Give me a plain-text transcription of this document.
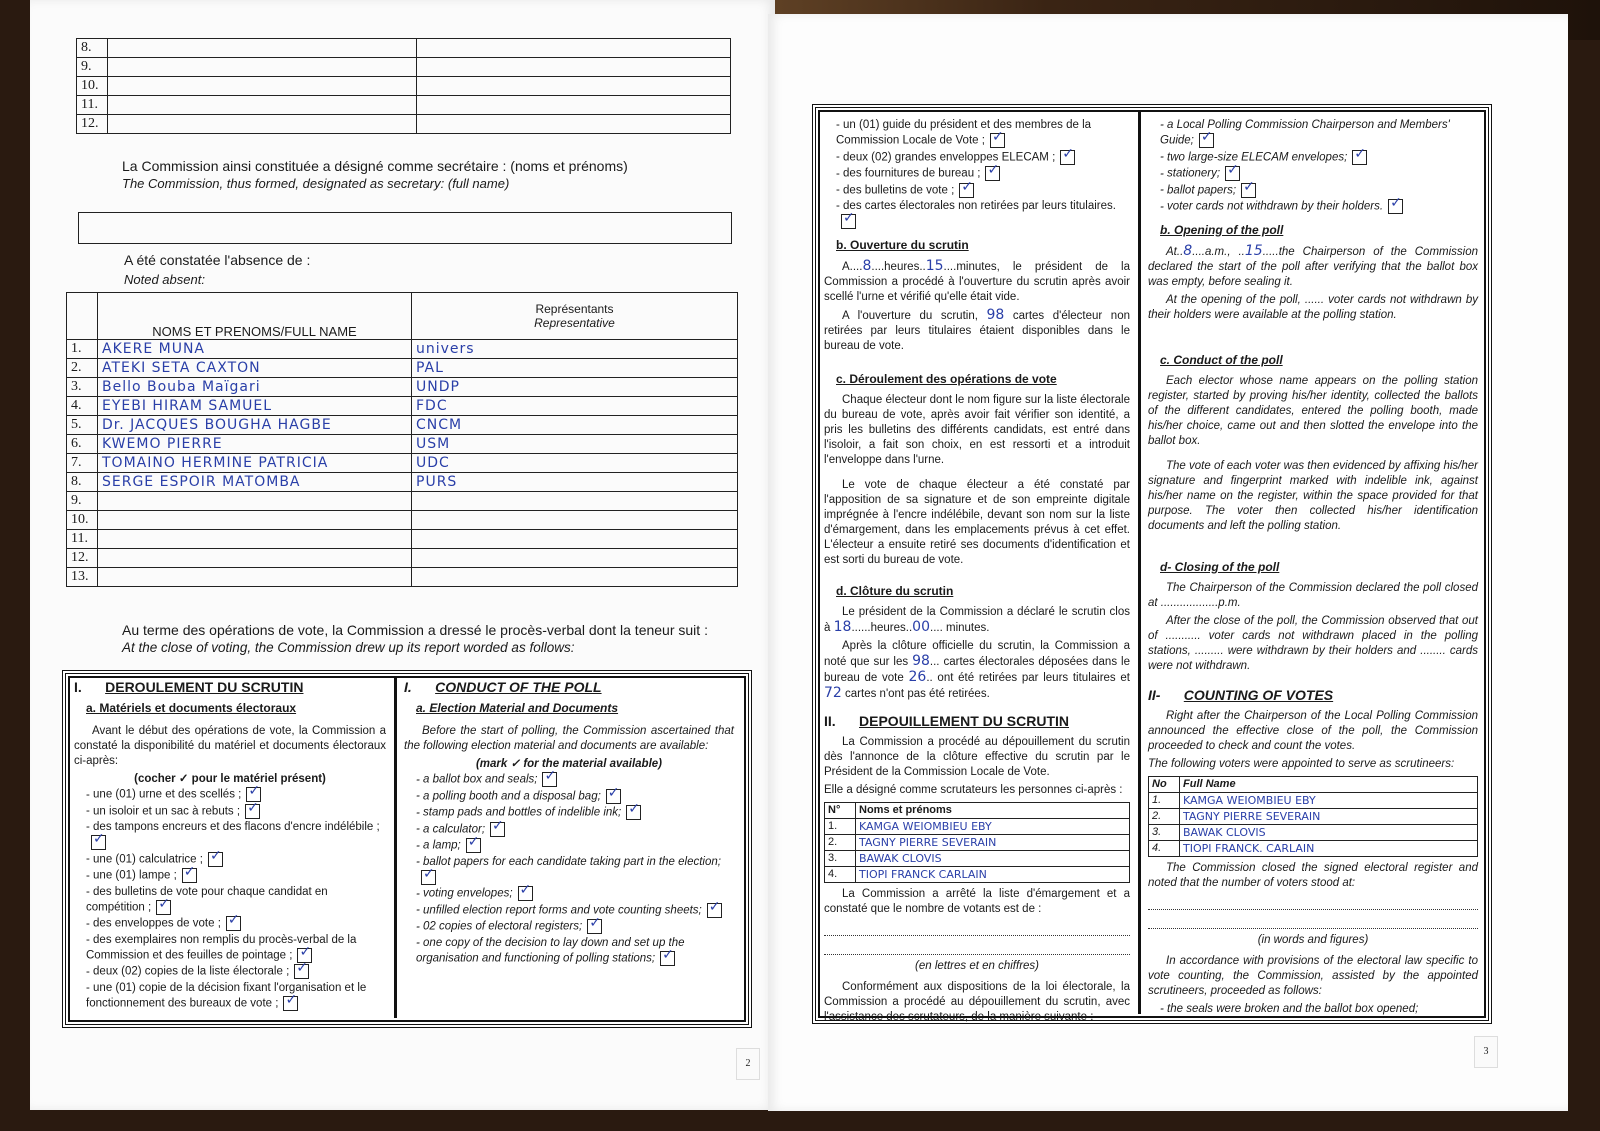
8.		
9.		
10.		
11.		
12.		
La Commission ainsi constituée a désigné comme secrétaire : (noms et prénoms)
The Commission, thus formed, designated as secretary: (full name)
A été constatée l'absence de :
Noted absent:
	NOMS ET PRENOMS/FULL NAME	Représentants
Representative

1.	AKERE MUNA	univers
2.	ATEKI SETA CAXTON	PAL
3.	Bello Bouba Maïgari	UNDP
4.	EYEBI HIRAM SAMUEL	FDC
5.	Dr. JACQUES BOUGHA HAGBE	CNCM
6.	KWEMO PIERRE	USM
7.	TOMAINO HERMINE PATRICIA	UDC
8.	SERGE ESPOIR MATOMBA	PURS
9.		
10.		
11.		
12.		
13.		
Au terme des opérations de vote, la Commission a dressé le procès-verbal dont la teneur suit :
At the close of voting, the Commission drew up its report worded as follows:
I. DEROULEMENT DU SCRUTIN
a. Matériels et documents électoraux

Avant le début des opérations de vote, la Commission a constaté la disponibilité du matériel et documents électoraux ci-après:

(cocher ✓ pour le matériel présent)
- une (01) urne et des scellés ;✓
- un isoloir et un sac à rebuts ;✓
- des tampons encreurs et des flacons d'encre indélébile ;✓
- une (01) calculatrice ;✓
- une (01) lampe ;✓
- des bulletins de vote pour chaque candidat en compétition ;✓
- des enveloppes de vote ;✓
- des exemplaires non remplis du procès-verbal de la Commission et des feuilles de pointage ;✓
- deux (02) copies de la liste électorale ;✓
- une (01) copie de la décision fixant l'organisation et le fonctionnement des bureaux de vote ;✓
I. CONDUCT OF THE POLL
a. Election Material and Documents

Before the start of polling, the Commission ascertained that the following election material and documents are available:

(mark ✓ for the material available)
- a ballot box and seals;✓
- a polling booth and a disposal bag;✓
- stamp pads and bottles of indelible ink;✓
- a calculator;✓
- a lamp;✓
- ballot papers for each candidate taking part in the election;✓
- voting envelopes;✓
- unfilled election report forms and vote counting sheets;✓
- 02 copies of electoral registers;✓
- one copy of the decision to lay down and set up the organisation and functioning of polling stations;✓
2
- un (01) guide du président et des membres de la Commission Locale de Vote ;✓
- deux (02) grandes enveloppes ELECAM ;✓
- des fournitures de bureau ;✓
- des bulletins de vote ;✓
- des cartes électorales non retirées par leurs titulaires.✓
b. Ouverture du scrutin

A....8....heures..15....minutes, le président de la Commission a procédé à l'ouverture du scrutin après avoir scellé l'urne et vérifié qu'elle était vide.

A l'ouverture du scrutin, 98 cartes d'électeur non retirées par leurs titulaires étaient disponibles dans le bureau de vote.

c. Déroulement des opérations de vote

Chaque électeur dont le nom figure sur la liste électorale du bureau de vote, après avoir fait vérifier son identité, a pris les bulletins des différents candidats, est entré dans l'isoloir, a fait son choix, en est ressorti et a introduit l'enveloppe dans l'urne.

Le vote de chaque électeur a été constaté par l'apposition de sa signature et de son empreinte digitale imprégnée à l'encre indélébile, devant son nom sur la liste d'émargement, dans les emplacements prévus à cet effet. L'électeur a ensuite retiré ses documents d'identification et est sorti du bureau de vote.

d. Clôture du scrutin

Le président de la Commission a déclaré le scrutin clos à 18......heures..00.... minutes.

Après la clôture officielle du scrutin, la Commission a noté que sur les 98... cartes électorales déposées dans le bureau de vote 26.. ont été retirées par leurs titulaires et 72 cartes n'ont pas été retirées.

II. DEPOUILLEMENT DU SCRUTIN

La Commission a procédé au dépouillement du scrutin dès l'annonce de la clôture effective du scrutin par le Président de la Commission Locale de Vote.

Elle a désigné comme scrutateurs les personnes ci-après :

N°	Noms et prénoms
1.	KAMGA WEIOMBIEU EBY
2.	TAGNY PIERRE SEVERAIN
3.	BAWAK CLOVIS
4.	TIOPI FRANCK CARLAIN

La Commission a arrêté la liste d'émargement et a constaté que le nombre de votants est de :

(en lettres et en chiffres)

Conformément aux dispositions de la loi électorale, la Commission a procédé au dépouillement du scrutin, avec l'assistance des scrutateurs, de la manière suivante :

- a Local Polling Commission Chairperson and Members' Guide;✓
- two large-size ELECAM envelopes;✓
- stationery;✓
- ballot papers;✓
- voter cards not withdrawn by their holders.✓
b. Opening of the poll

At..8....a.m., ..15.....the Chairperson of the Commission declared the start of the poll after verifying that the ballot box was empty, before sealing it.

At the opening of the poll, ...... voter cards not withdrawn by their holders were available at the polling station.

c. Conduct of the poll

Each elector whose name appears on the polling station register, started by proving his/her identity, collected the ballots of the different candidates, entered the polling booth, made his/her choice, came out and then slotted the envelope into the ballot box.

The vote of each voter was then evidenced by affixing his/her signature and fingerprint marked with indelible ink, against his/her name on the register, within the space provided for that purpose. The voter then collected his/her identification documents and left the polling station.

d- Closing of the poll

The Chairperson of the Commission declared the poll closed at ..................p.m.

After the close of the poll, the Commission observed that out of ........... voter cards not withdrawn placed in the polling stations, ......... were withdrawn by their holders and ........ cards were not withdrawn.

II- COUNTING OF VOTES

Right after the Chairperson of the Local Polling Commission announced the effective close of the poll, the Commission proceeded to check and count the votes.

The following voters were appointed to serve as scrutineers:

No	Full Name
1.	KAMGA WEIOMBIEU EBY
2.	TAGNY PIERRE SEVERAIN
3.	BAWAK CLOVIS
4.	TIOPI FRANCK. CARLAIN

The Commission closed the signed electoral register and noted that the number of voters stood at:

(in words and figures)

In accordance with provisions of the electoral law specific to vote counting, the Commission, assisted by the appointed scrutineers, proceeded as follows:

- the seals were broken and the ballot box opened;
3
